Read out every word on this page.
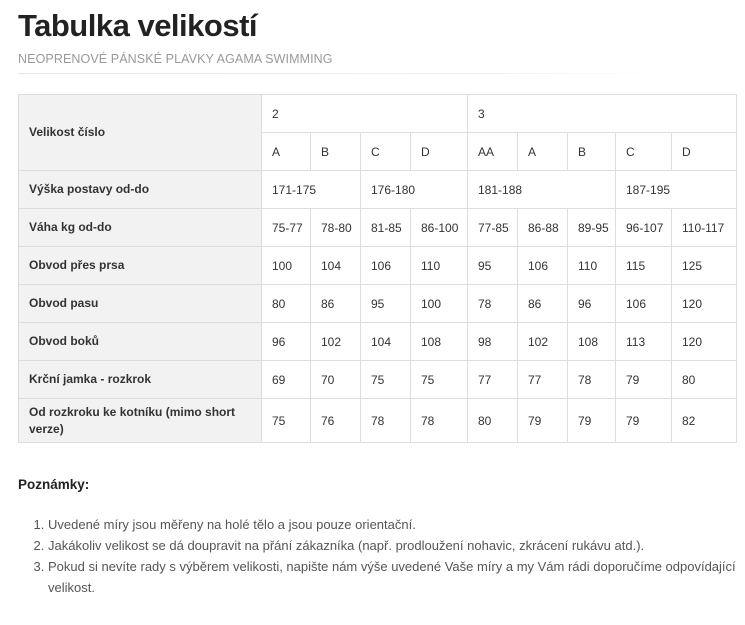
Tabulka velikostí
NEOPRENOVÉ PÁNSKÉ PLAVKY AGAMA SWIMMING
Velikost číslo	2				3				
	A	B	C	D	AA	A	B	C	D
Výška postavy od-do	171-175		176-180		181-188			187-195	
Váha kg od-do	75-77	78-80	81-85	86-100	77-85	86-88	89-95	96-107	110-117
Obvod přes prsa	100	104	106	110	95	106	110	115	125
Obvod pasu	80	86	95	100	78	86	96	106	120
Obvod boků	96	102	104	108	98	102	108	113	120
Krční jamka - rozkrok	69	70	75	75	77	77	78	79	80
Od rozkroku ke kotníku (mimo short verze)	75	76	78	78	80	79	79	79	82
Poznámky:
1. Uvedené míry jsou měřeny na holé tělo a jsou pouze orientační.
2. Jakákoliv velikost se dá doupravit na přání zákazníka (např. prodloužení nohavic, zkrácení rukávu atd.).
3. Pokud si nevíte rady s výběrem velikosti, napište nám výše uvedené Vaše míry a my Vám rádi doporučíme odpovídající velikost.
